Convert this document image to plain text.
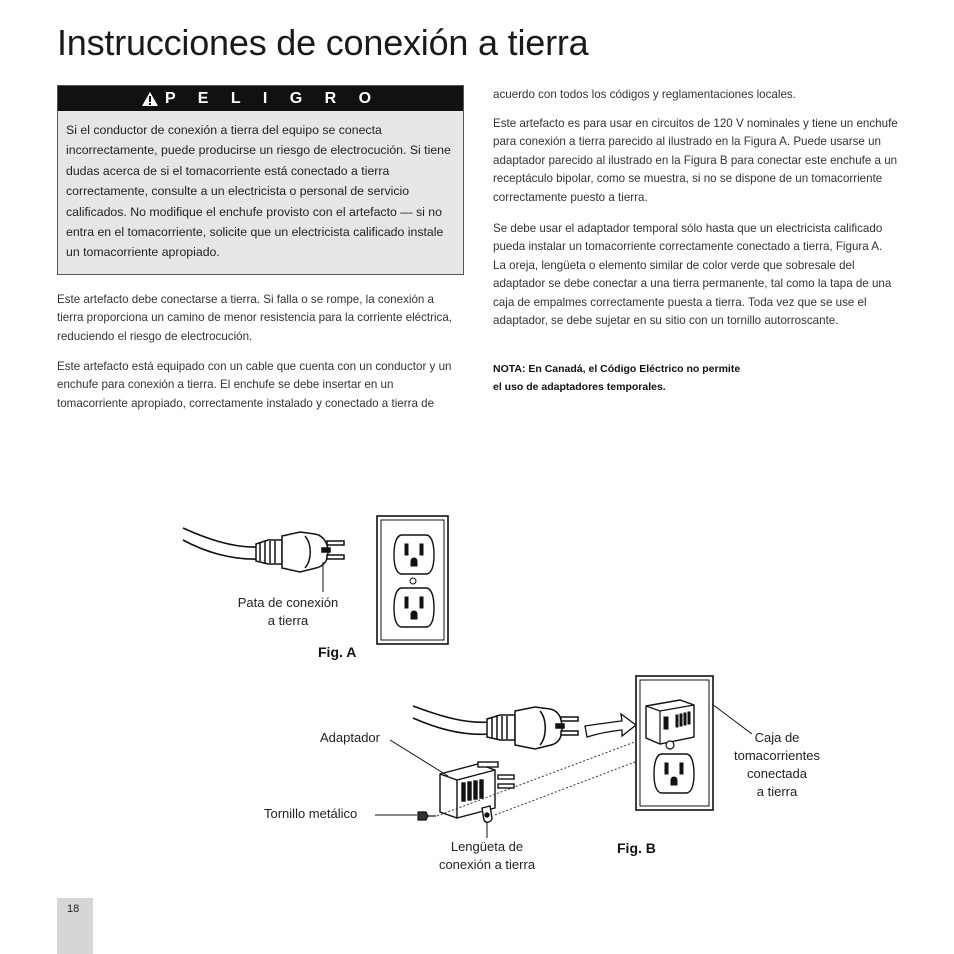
Instrucciones de conexión a tierra
P E L I G R O
Si el conductor de conexión a tierra del equipo se conecta incorrectamente, puede producirse un riesgo de electrocución. Si tiene dudas acerca de si el tomacorriente está conectado a tierra correctamente, consulte a un electricista o personal de servicio calificados. No modifique el enchufe provisto con el artefacto — si no entra en el tomacorriente, solicite que un electricista calificado instale un tomacorriente apropiado.

Este artefacto debe conectarse a tierra. Si falla o se rompe, la conexión a tierra proporciona un camino de menor resistencia para la corriente eléctrica, reduciendo el riesgo de electrocución.

Este artefacto está equipado con un cable que cuenta con un conductor y un enchufe para conexión a tierra. El enchufe se debe insertar en un tomacorriente apropiado, correctamente instalado y conectado a tierra de

acuerdo con todos los códigos y reglamentaciones locales.

Este artefacto es para usar en circuitos de 120 V nominales y tiene un enchufe para conexión a tierra parecido al ilustrado en la Figura A. Puede usarse un adaptador parecido al ilustrado en la Figura B para conectar este enchufe a un receptáculo bipolar, como se muestra, si no se dispone de un tomacorriente correctamente puesto a tierra.

Se debe usar el adaptador temporal sólo hasta que un electricista calificado pueda instalar un tomacorriente correctamente conectado a tierra, Figura A. La oreja, lengüeta o elemento similar de color verde que sobresale del adaptador se debe conectar a una tierra permanente, tal como la tapa de una caja de empalmes correctamente puesta a tierra. Toda vez que se use el adaptador, se debe sujetar en su sitio con un tornillo autorroscante.

NOTA: En Canadá, el Código Eléctrico no permite

el uso de adaptadores temporales.

Pata de conexión
a tierra
Fig. A
Adaptador
Tornillo metálico
Lengüeta de
conexión a tierra
Caja de
tomacorrientes
conectada
a tierra
Fig. B
18
